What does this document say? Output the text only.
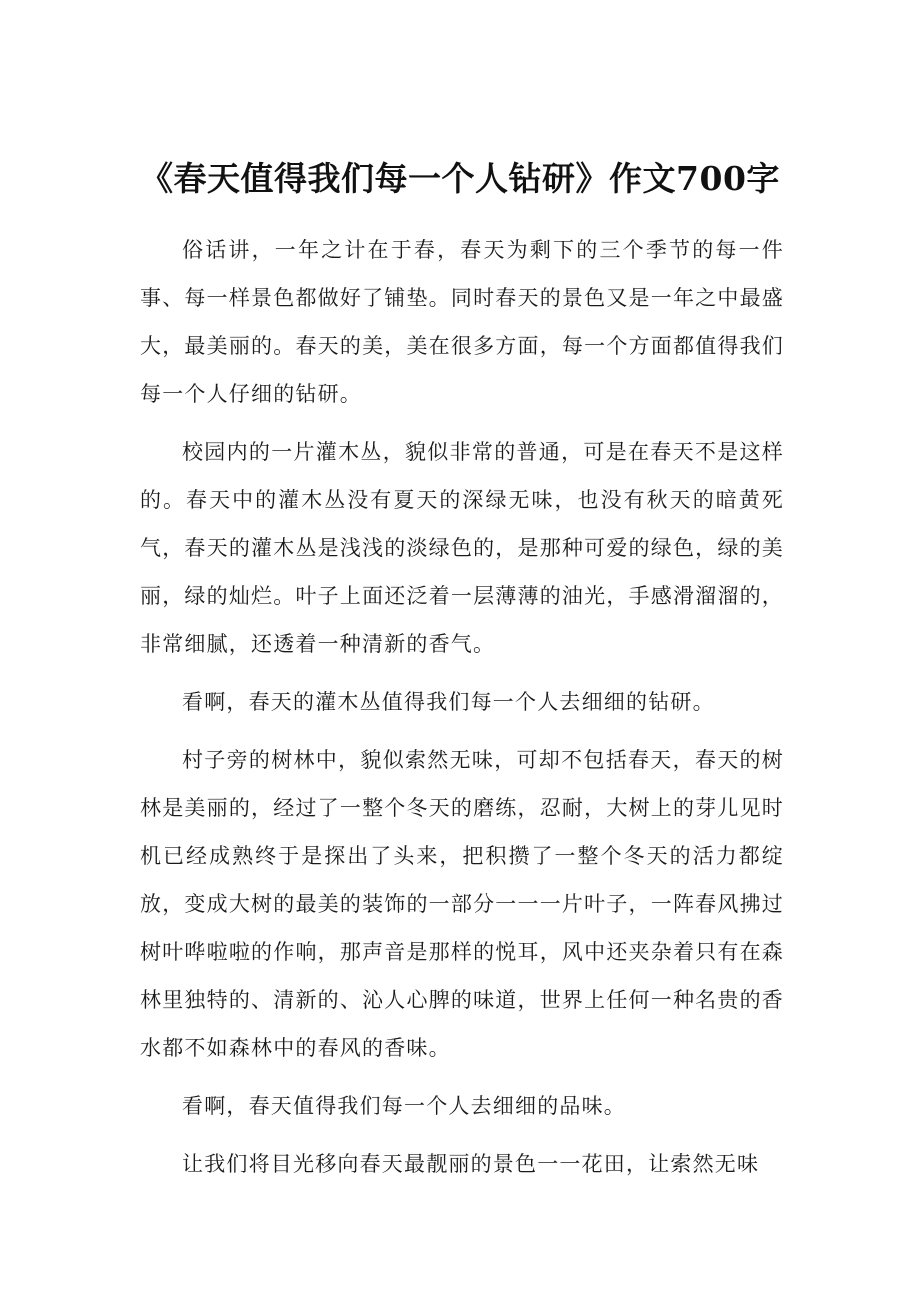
《春天值得我们每一个人钻研》作文700字

俗话讲，一年之计在于春，春天为剩下的三个季节的每一件事、每一样景色都做好了铺垫。同时春天的景色又是一年之中最盛大，最美丽的。春天的美，美在很多方面，每一个方面都值得我们每一个人仔细的钻研。

校园内的一片灌木丛，貌似非常的普通，可是在春天不是这样的。春天中的灌木丛没有夏天的深绿无味，也没有秋天的暗黄死气，春天的灌木丛是浅浅的淡绿色的，是那种可爱的绿色，绿的美丽，绿的灿烂。叶子上面还泛着一层薄薄的油光，手感滑溜溜的，非常细腻，还透着一种清新的香气。

看啊，春天的灌木丛值得我们每一个人去细细的钻研。

村子旁的树林中，貌似索然无味，可却不包括春天，春天的树林是美丽的，经过了一整个冬天的磨练，忍耐，大树上的芽儿见时机已经成熟终于是探出了头来，把积攒了一整个冬天的活力都绽放，变成大树的最美的装饰的一部分一一一片叶子，一阵春风拂过树叶哗啦啦的作响，那声音是那样的悦耳，风中还夹杂着只有在森林里独特的、清新的、沁人心脾的味道，世界上任何一种名贵的香水都不如森林中的春风的香味。

看啊，春天值得我们每一个人去细细的品味。

让我们将目光移向春天最靓丽的景色一一花田，让索然无味
